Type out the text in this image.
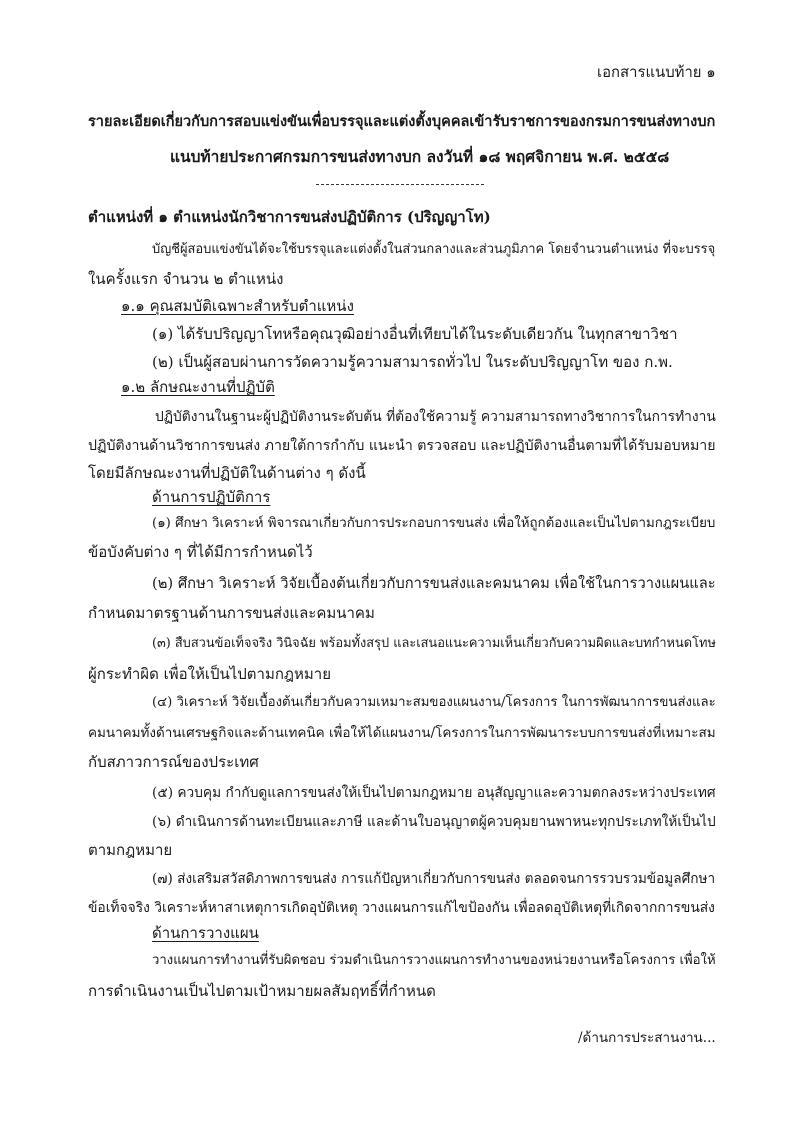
เอกสารแนบท้าย ๑
รายละเอียดเกี่ยวกับการสอบแข่งขันเพื่อบรรจุและแต่งตั้งบุคคลเข้ารับราชการของกรมการขนส่งทางบก
แนบท้ายประกาศกรมการขนส่งทางบก ลงวันที่ ๑๘ พฤศจิกายน พ.ศ. ๒๕๕๘
ตำแหน่งที่ ๑ ตำแหน่งนักวิชาการขนส่งปฏิบัติการ (ปริญญาโท)
บัญชีผู้สอบแข่งขันได้จะใช้บรรจุและแต่งตั้งในส่วนกลางและส่วนภูมิภาค โดยจำนวนตำแหน่ง ที่จะบรรจุ
ในครั้งแรก จำนวน ๒ ตำแหน่ง
๑.๑ คุณสมบัติเฉพาะสำหรับตำแหน่ง
(๑) ได้รับปริญญาโทหรือคุณวุฒิอย่างอื่นที่เทียบได้ในระดับเดียวกัน ในทุกสาขาวิชา
(๒) เป็นผู้สอบผ่านการวัดความรู้ความสามารถทั่วไป ในระดับปริญญาโท ของ ก.พ.
๑.๒ ลักษณะงานที่ปฏิบัติ
ปฏิบัติงานในฐานะผู้ปฏิบัติงานระดับต้น ที่ต้องใช้ความรู้ ความสามารถทางวิชาการในการทำงาน
ปฏิบัติงานด้านวิชาการขนส่ง ภายใต้การกำกับ แนะนำ ตรวจสอบ และปฏิบัติงานอื่นตามที่ได้รับมอบหมาย
โดยมีลักษณะงานที่ปฏิบัติในด้านต่าง ๆ ดังนี้
ด้านการปฏิบัติการ
(๑) ศึกษา วิเคราะห์ พิจารณาเกี่ยวกับการประกอบการขนส่ง เพื่อให้ถูกต้องและเป็นไปตามกฎระเบียบ
ข้อบังคับต่าง ๆ ที่ได้มีการกำหนดไว้
(๒) ศึกษา วิเคราะห์ วิจัยเบื้องต้นเกี่ยวกับการขนส่งและคมนาคม เพื่อใช้ในการวางแผนและ
กำหนดมาตรฐานด้านการขนส่งและคมนาคม
(๓) สืบสวนข้อเท็จจริง วินิจฉัย พร้อมทั้งสรุป และเสนอแนะความเห็นเกี่ยวกับความผิดและบทกำหนดโทษ
ผู้กระทำผิด เพื่อให้เป็นไปตามกฎหมาย
(๔) วิเคราะห์ วิจัยเบื้องต้นเกี่ยวกับความเหมาะสมของแผนงาน/โครงการ ในการพัฒนาการขนส่งและ
คมนาคมทั้งด้านเศรษฐกิจและด้านเทคนิค เพื่อให้ได้แผนงาน/โครงการในการพัฒนาระบบการขนส่งที่เหมาะสม
กับสภาวการณ์ของประเทศ
(๕) ควบคุม กำกับดูแลการขนส่งให้เป็นไปตามกฎหมาย อนุสัญญาและความตกลงระหว่างประเทศ
(๖) ดำเนินการด้านทะเบียนและภาษี และด้านใบอนุญาตผู้ควบคุมยานพาหนะทุกประเภทให้เป็นไป
ตามกฎหมาย
(๗) ส่งเสริมสวัสดิภาพการขนส่ง การแก้ปัญหาเกี่ยวกับการขนส่ง ตลอดจนการรวบรวมข้อมูลศึกษา
ข้อเท็จจริง วิเคราะห์หาสาเหตุการเกิดอุบัติเหตุ วางแผนการแก้ไขป้องกัน เพื่อลดอุบัติเหตุที่เกิดจากการขนส่ง
ด้านการวางแผน
วางแผนการทำงานที่รับผิดชอบ ร่วมดำเนินการวางแผนการทำงานของหน่วยงานหรือโครงการ เพื่อให้
การดำเนินงานเป็นไปตามเป้าหมายผลสัมฤทธิ์ที่กำหนด
/ด้านการประสานงาน...
